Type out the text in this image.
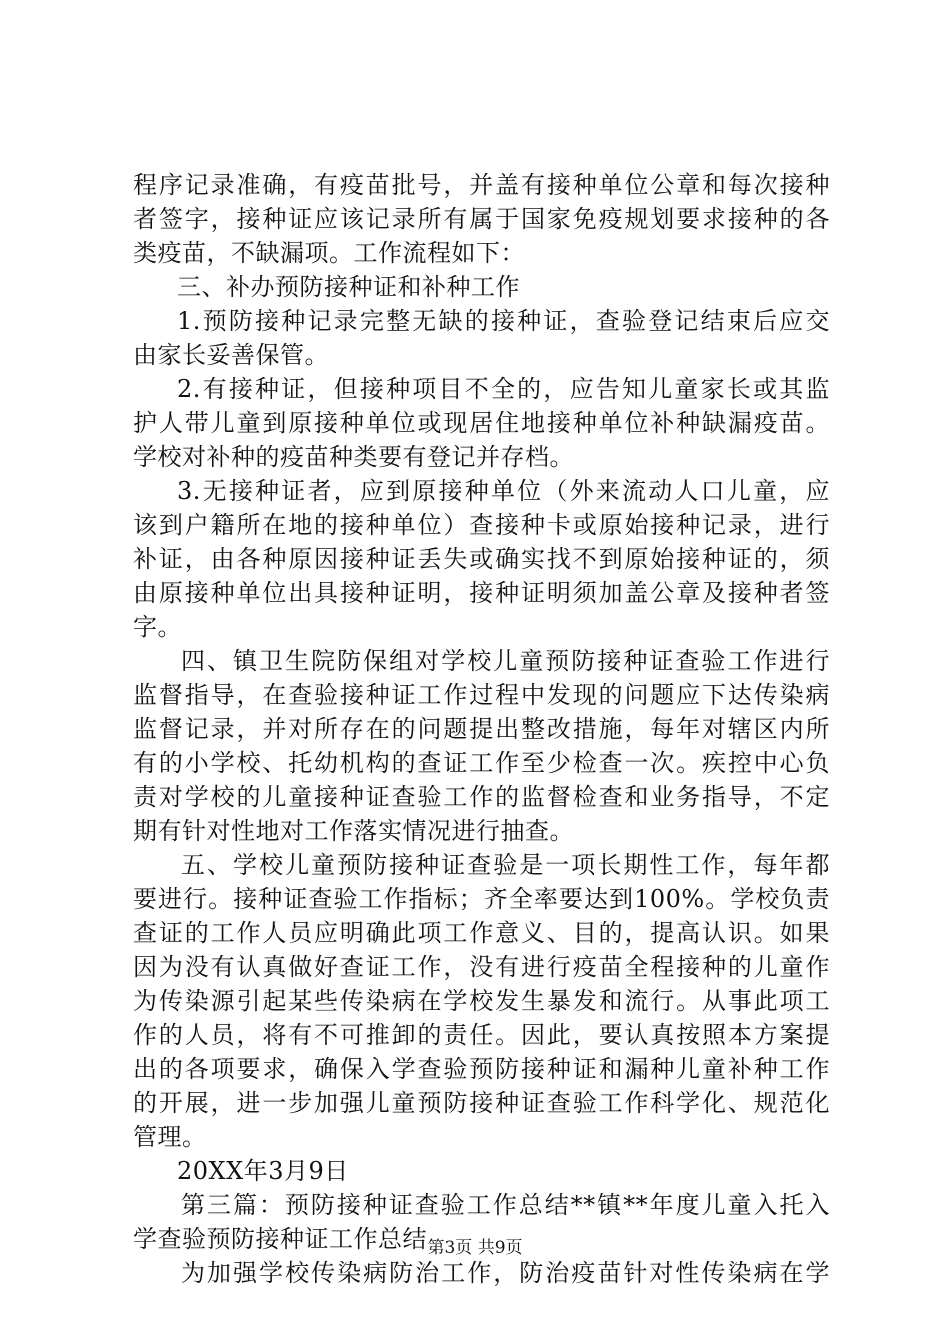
程序记录准确，有疫苗批号，并盖有接种单位公章和每次接种
者签字，接种证应该记录所有属于国家免疫规划要求接种的各
类疫苗，不缺漏项。工作流程如下：
三、补办预防接种证和补种工作
1.预防接种记录完整无缺的接种证，查验登记结束后应交
由家长妥善保管。
2.有接种证，但接种项目不全的，应告知儿童家长或其监
护人带儿童到原接种单位或现居住地接种单位补种缺漏疫苗。
学校对补种的疫苗种类要有登记并存档。
3.无接种证者，应到原接种单位（外来流动人口儿童，应
该到户籍所在地的接种单位）查接种卡或原始接种记录，进行
补证，由各种原因接种证丢失或确实找不到原始接种证的，须
由原接种单位出具接种证明，接种证明须加盖公章及接种者签
字。
四、镇卫生院防保组对学校儿童预防接种证查验工作进行
监督指导，在查验接种证工作过程中发现的问题应下达传染病
监督记录，并对所存在的问题提出整改措施，每年对辖区内所
有的小学校、托幼机构的查证工作至少检查一次。疾控中心负
责对学校的儿童接种证查验工作的监督检查和业务指导，不定
期有针对性地对工作落实情况进行抽查。
五、学校儿童预防接种证查验是一项长期性工作，每年都
要进行。接种证查验工作指标；齐全率要达到100%。学校负责
查证的工作人员应明确此项工作意义、目的，提高认识。如果
因为没有认真做好查证工作，没有进行疫苗全程接种的儿童作
为传染源引起某些传染病在学校发生暴发和流行。从事此项工
作的人员，将有不可推卸的责任。因此，要认真按照本方案提
出的各项要求，确保入学查验预防接种证和漏种儿童补种工作
的开展，进一步加强儿童预防接种证查验工作科学化、规范化
管理。
20XX年3月9日
第三篇：预防接种证查验工作总结**镇**年度儿童入托入
学查验预防接种证工作总结
为加强学校传染病防治工作，防治疫苗针对性传染病在学
第3页 共9页
